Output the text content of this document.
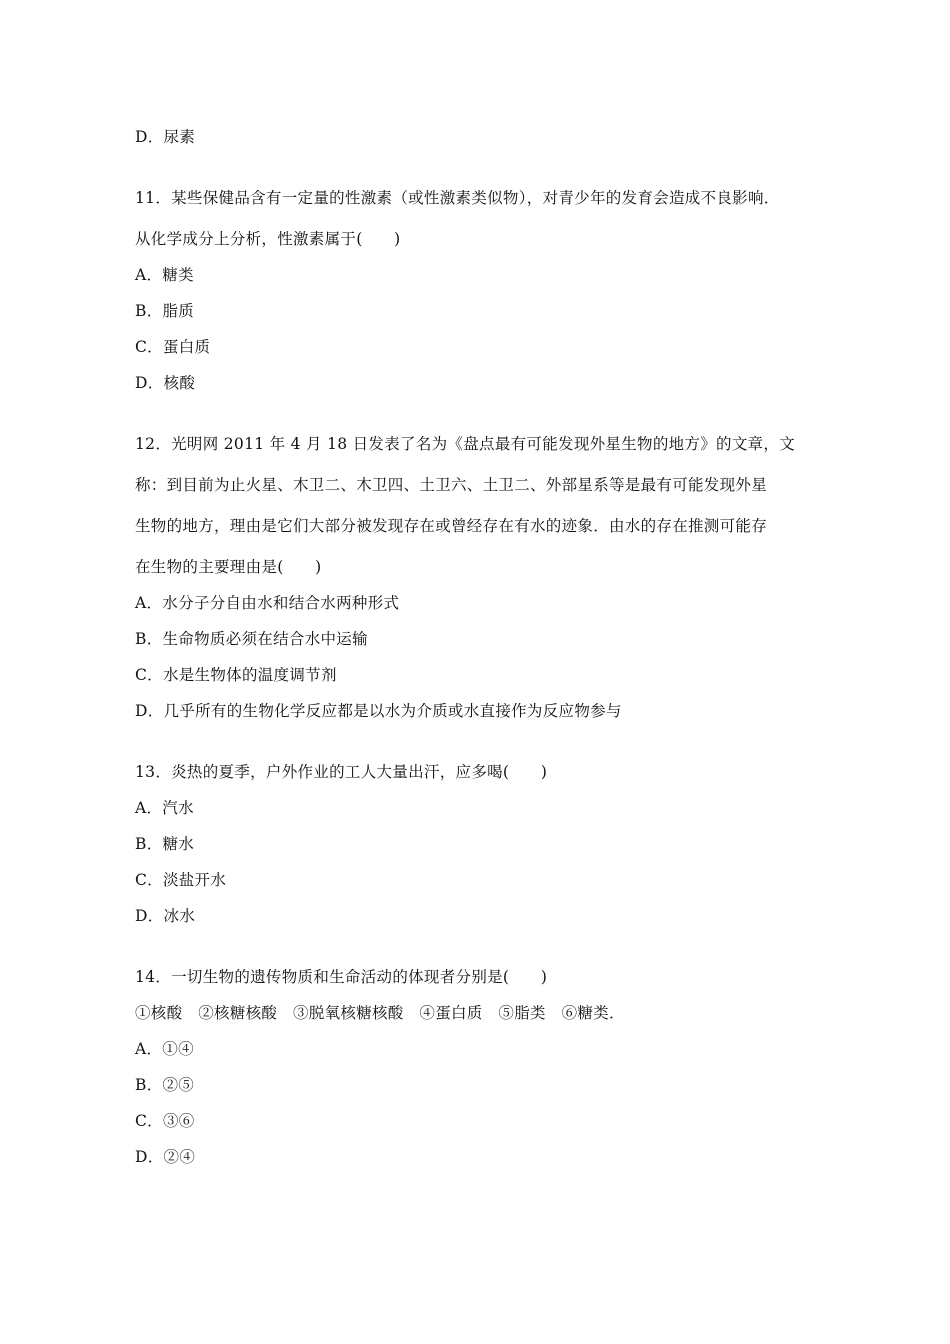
D．尿素
11．某些保健品含有一定量的性激素（或性激素类似物），对青少年的发育会造成不良影响．
从化学成分上分析，性激素属于(　　)
A．糖类
B．脂质
C．蛋白质
D．核酸
12．光明网 2011 年 4 月 18 日发表了名为《盘点最有可能发现外星生物的地方》的文章，文
称：到目前为止火星、木卫二、木卫四、土卫六、土卫二、外部星系等是最有可能发现外星
生物的地方，理由是它们大部分被发现存在或曾经存在有水的迹象．由水的存在推测可能存
在生物的主要理由是(　　)
A．水分子分自由水和结合水两种形式
B．生命物质必须在结合水中运输
C．水是生物体的温度调节剂
D．几乎所有的生物化学反应都是以水为介质或水直接作为反应物参与
13．炎热的夏季，户外作业的工人大量出汗，应多喝(　　)
A．汽水
B．糖水
C．淡盐开水
D．冰水
14．一切生物的遗传物质和生命活动的体现者分别是(　　)
①核酸　②核糖核酸　③脱氧核糖核酸　④蛋白质　⑤脂类　⑥糖类．
A．①④
B．②⑤
C．③⑥
D．②④
